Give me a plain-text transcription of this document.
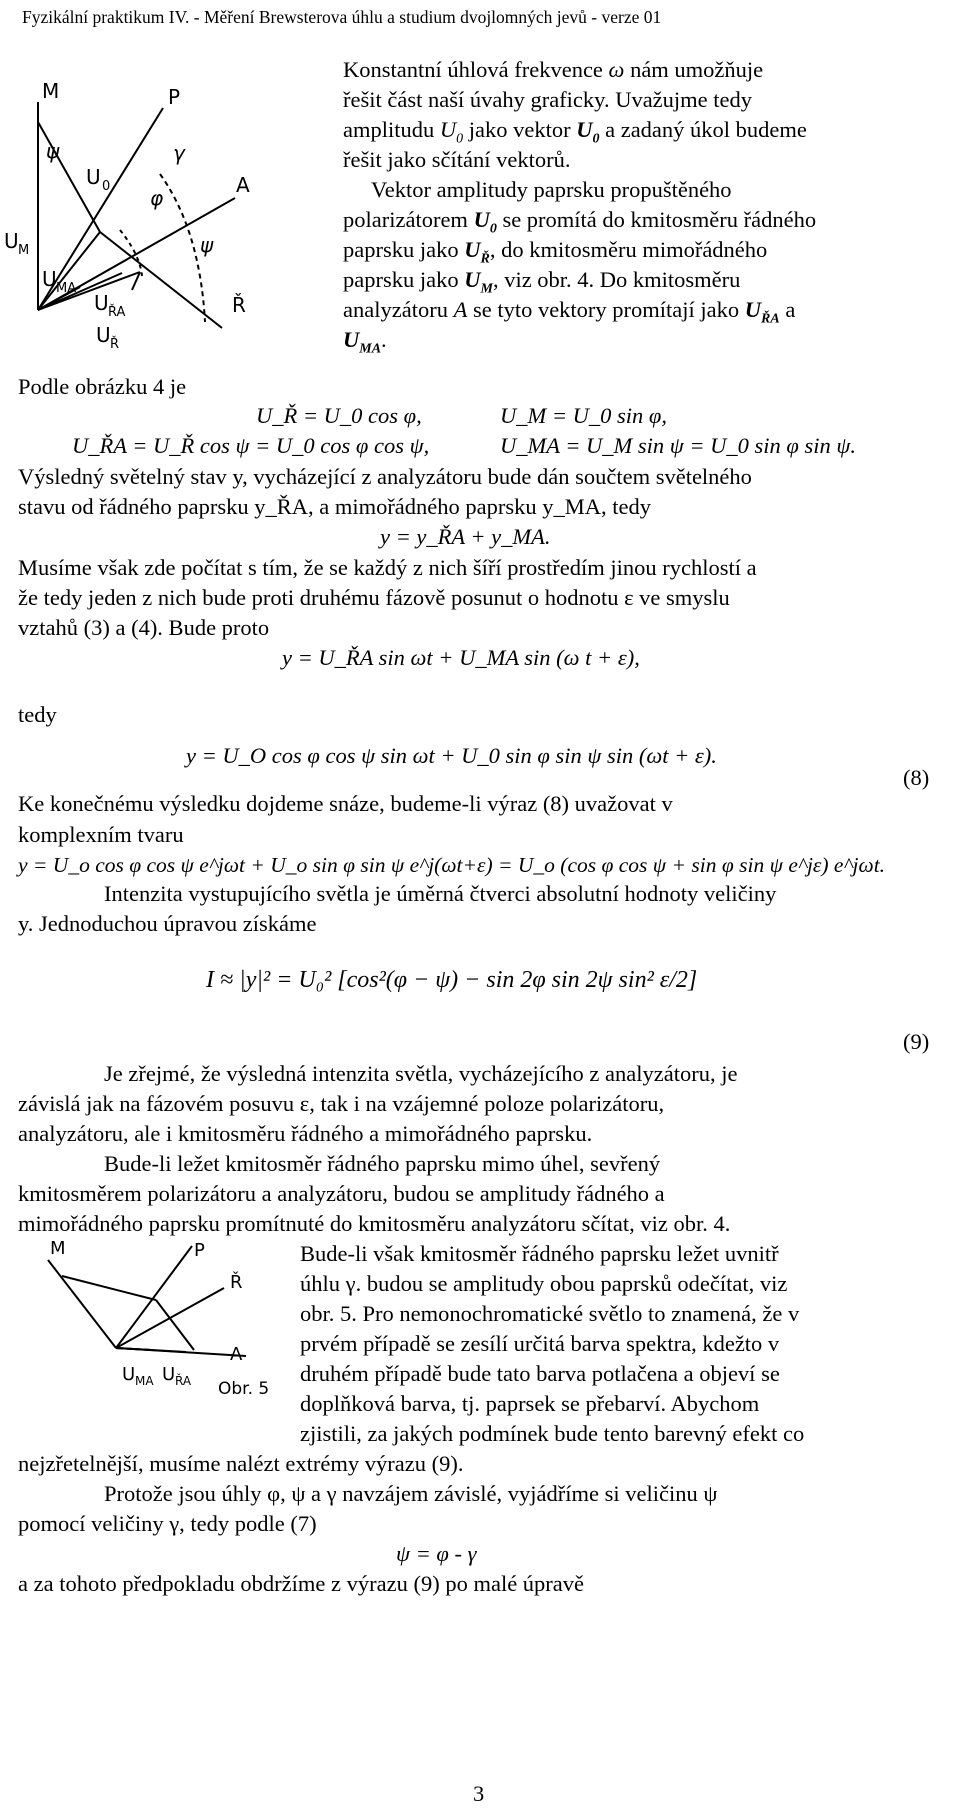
Fyzikální praktikum IV. - Měření Brewsterova úhlu a studium dvojlomných jevů - verze 01
M	P
ψ
U 0
γ
φ
A
U M	ψ
U MA
U ŘA	Ř
U Ř
Konstantní úhlová frekvence ω nám umožňuje
řešit část naší úvahy graficky. Uvažujme tedy
amplitudu $U_0$ jako vektor $U_0$ a zadaný úkol budeme
řešit jako sčítání vektorů.
Vektor amplitudy paprsku propuštěného
polarizátorem $U_0$ se promítá do kmitosměru řádného
paprsku jako $U_Ř$, do kmitosměru mimořádného
paprsku jako $U_M$, viz obr. 4. Do kmitosměru
analyzátoru A se tyto vektory promítají jako $U_{ŘA}$ a
$U_{MA}$.
Podle obrázku 4 je
U_Ř = U_0 cos φ,	U_M = U_0 sin φ,
U_ŘA = U_Ř cos ψ = U_0 cos φ cos ψ,	U_MA = U_M sin ψ = U_0 sin φ sin ψ.
Výsledný světelný stav y, vycházející z analyzátoru bude dán součtem světelného
stavu od řádného paprsku y_ŘA, a mimořádného paprsku y_MA, tedy
y = y_ŘA + y_MA.
Musíme však zde počítat s tím, že se každý z nich šíří prostředím jinou rychlostí a
že tedy jeden z nich bude proti druhému fázově posunut o hodnotu ε ve smyslu
vztahů (3) a (4). Bude proto
y = U_ŘA sin ωt + U_MA sin (ω t + ε),
tedy
y = U_O cos φ cos ψ sin ωt + U_0 sin φ sin ψ sin (ωt + ε).
(8)
Ke konečnému výsledku dojdeme snáze, budeme-li výraz (8) uvažovat v
komplexním tvaru
y = U_o cos φ cos ψ e^jωt + U_o sin φ sin ψ e^j(ωt+ε) = U_o (cos φ cos ψ + sin φ sin ψ e^jε) e^jωt.
Intenzita vystupujícího světla je úměrná čtverci absolutní hodnoty veličiny
y. Jednoduchou úpravou získáme
I ≈ |y|² = U₀² [cos²(φ − ψ) − sin 2φ sin 2ψ sin² ε/2]
(9)
Je zřejmé, že výsledná intenzita světla, vycházejícího z analyzátoru, je
závislá jak na fázovém posuvu ε, tak i na vzájemné poloze polarizátoru,
analyzátoru, ale i kmitosměru řádného a mimořádného paprsku.
Bude-li ležet kmitosměr řádného paprsku mimo úhel, sevřený
kmitosměrem polarizátoru a analyzátoru, budou se amplitudy řádného a
mimořádného paprsku promítnuté do kmitosměru analyzátoru sčítat, viz obr. 4.
M	P
Ř
U MA U ŘA
A
Obr. 5
Bude-li však kmitosměr řádného paprsku ležet uvnitř
úhlu γ. budou se amplitudy obou paprsků odečítat, viz
obr. 5. Pro nemonochromatické světlo to znamená, že v
prvém případě se zesílí určitá barva spektra, kdežto v
druhém případě bude tato barva potlačena a objeví se
doplňková barva, tj. paprsek se přebarví. Abychom
zjistili, za jakých podmínek bude tento barevný efekt co
nejzřetelnější, musíme nalézt extrémy výrazu (9).
Protože jsou úhly φ, ψ a γ navzájem závislé, vyjádříme si veličinu ψ
pomocí veličiny γ, tedy podle (7)
ψ = φ - γ
a za tohoto předpokladu obdržíme z výrazu (9) po malé úpravě
3
